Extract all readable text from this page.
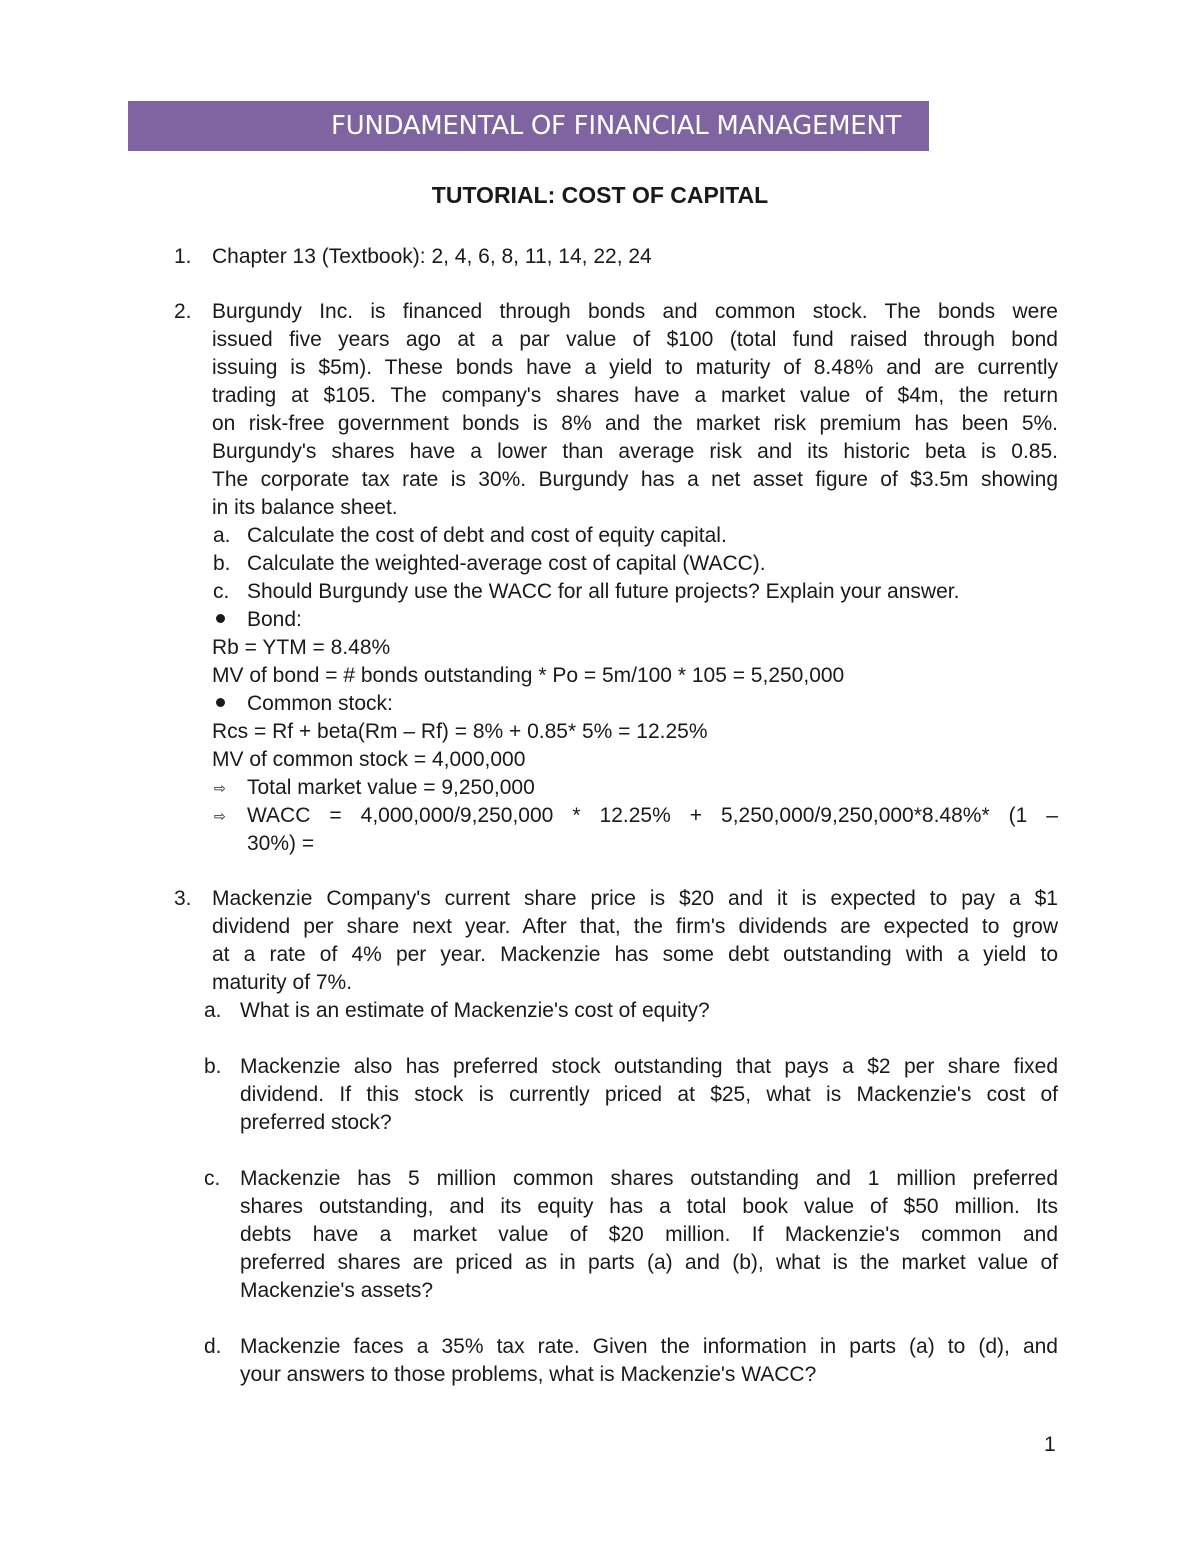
FUNDAMENTAL OF FINANCIAL MANAGEMENT
TUTORIAL: COST OF CAPITAL
1. Chapter 13 (Textbook): 2, 4, 6, 8, 11, 14, 22, 24
2. Burgundy Inc. is financed through bonds and common stock. The bonds were
issued five years ago at a par value of $100 (total fund raised through bond
issuing is $5m). These bonds have a yield to maturity of 8.48% and are currently
trading at $105. The company's shares have a market value of $4m, the return
on risk-free government bonds is 8% and the market risk premium has been 5%.
Burgundy's shares have a lower than average risk and its historic beta is 0.85.
The corporate tax rate is 30%. Burgundy has a net asset figure of $3.5m showing
in its balance sheet.
a. Calculate the cost of debt and cost of equity capital.
b. Calculate the weighted-average cost of capital (WACC).
c. Should Burgundy use the WACC for all future projects? Explain your answer.
Bond:
Rb = YTM = 8.48%
MV of bond = # bonds outstanding * Po = 5m/100 * 105 = 5,250,000
Common stock:
Rcs = Rf + beta(Rm – Rf) = 8% + 0.85* 5% = 12.25%
MV of common stock = 4,000,000
⇨ Total market value = 9,250,000
⇨ WACC = 4,000,000/9,250,000 * 12.25% + 5,250,000/9,250,000*8.48%* (1 –
30%) =
3. Mackenzie Company's current share price is $20 and it is expected to pay a $1
dividend per share next year. After that, the firm's dividends are expected to grow
at a rate of 4% per year. Mackenzie has some debt outstanding with a yield to
maturity of 7%.
a. What is an estimate of Mackenzie's cost of equity?
b. Mackenzie also has preferred stock outstanding that pays a $2 per share fixed
dividend. If this stock is currently priced at $25, what is Mackenzie's cost of
preferred stock?
c. Mackenzie has 5 million common shares outstanding and 1 million preferred
shares outstanding, and its equity has a total book value of $50 million. Its
debts have a market value of $20 million. If Mackenzie's common and
preferred shares are priced as in parts (a) and (b), what is the market value of
Mackenzie's assets?
d. Mackenzie faces a 35% tax rate. Given the information in parts (a) to (d), and
your answers to those problems, what is Mackenzie's WACC?
1
